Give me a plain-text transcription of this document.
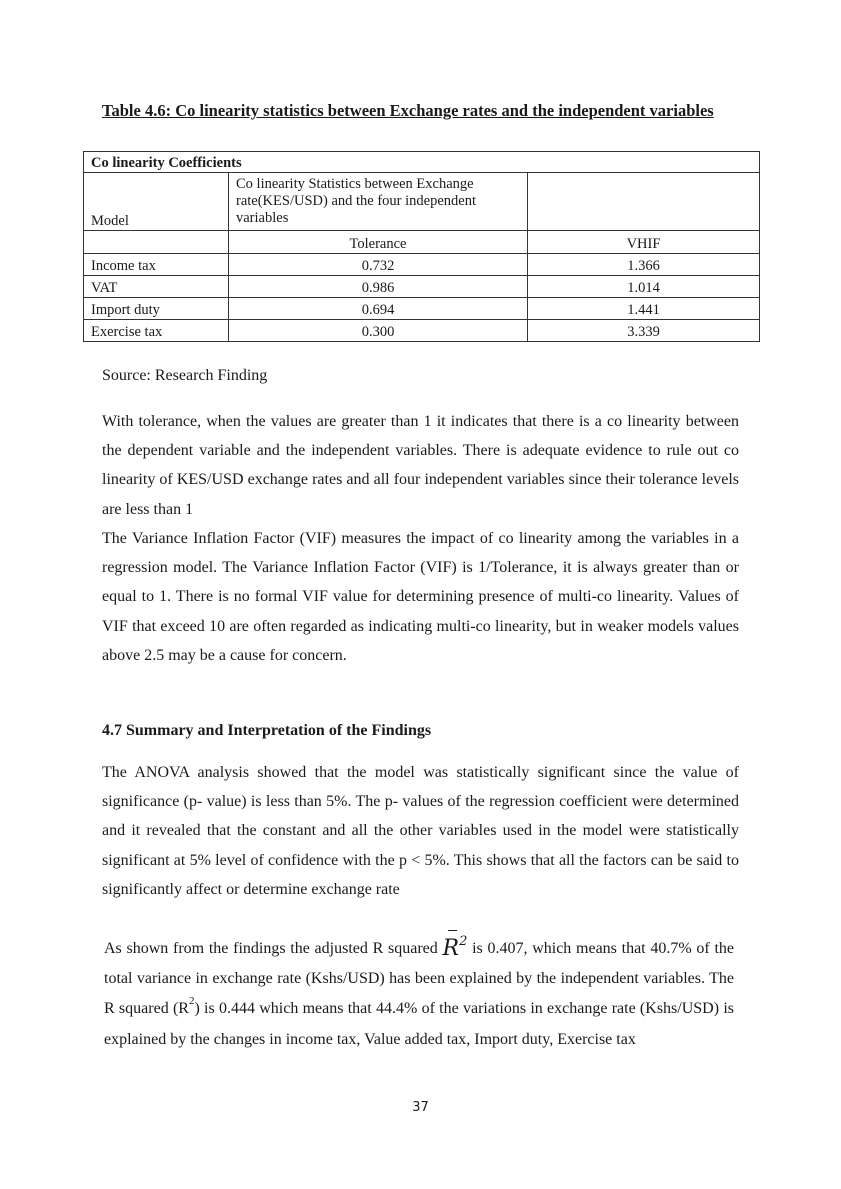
Table 4.6: Co linearity statistics between Exchange rates and the independent variables
Co linearity Coefficients		
Model	Co linearity Statistics between Exchange rate(KES/USD) and the four independent variables	
	Tolerance	VHIF
Income tax	0.732	1.366
VAT	0.986	1.014
Import duty	0.694	1.441
Exercise tax	0.300	3.339
Source: Research Finding

With tolerance, when the values are greater than 1 it indicates that there is a co linearity between the dependent variable and the independent variables. There is adequate evidence to rule out co linearity of KES/USD exchange rates and all four independent variables since their tolerance levels are less than 1

The Variance Inflation Factor (VIF) measures the impact of co linearity among the variables in a regression model. The Variance Inflation Factor (VIF) is 1/Tolerance, it is always greater than or equal to 1. There is no formal VIF value for determining presence of multi-co linearity. Values of VIF that exceed 10 are often regarded as indicating multi-co linearity, but in weaker models values above 2.5 may be a cause for concern.

4.7 Summary and Interpretation of the Findings

The ANOVA analysis showed that the model was statistically significant since the value of significance (p- value) is less than 5%. The p- values of the regression coefficient were determined and it revealed that the constant and all the other variables used in the model were statistically significant at 5% level of confidence with the p < 5%. This shows that all the factors can be said to significantly affect or determine exchange rate

As shown from the findings the adjusted R squared
$R^2$ is 0.407, which means that 40.7% of the total variance in exchange rate (Kshs/USD) has been explained by the independent variables. The R squared $(R^2)$ is 0.444 which means that 44.4% of the variations in exchange rate (Kshs/USD) is explained by the changes in income tax, Value added tax, Import duty, Exercise tax

37
